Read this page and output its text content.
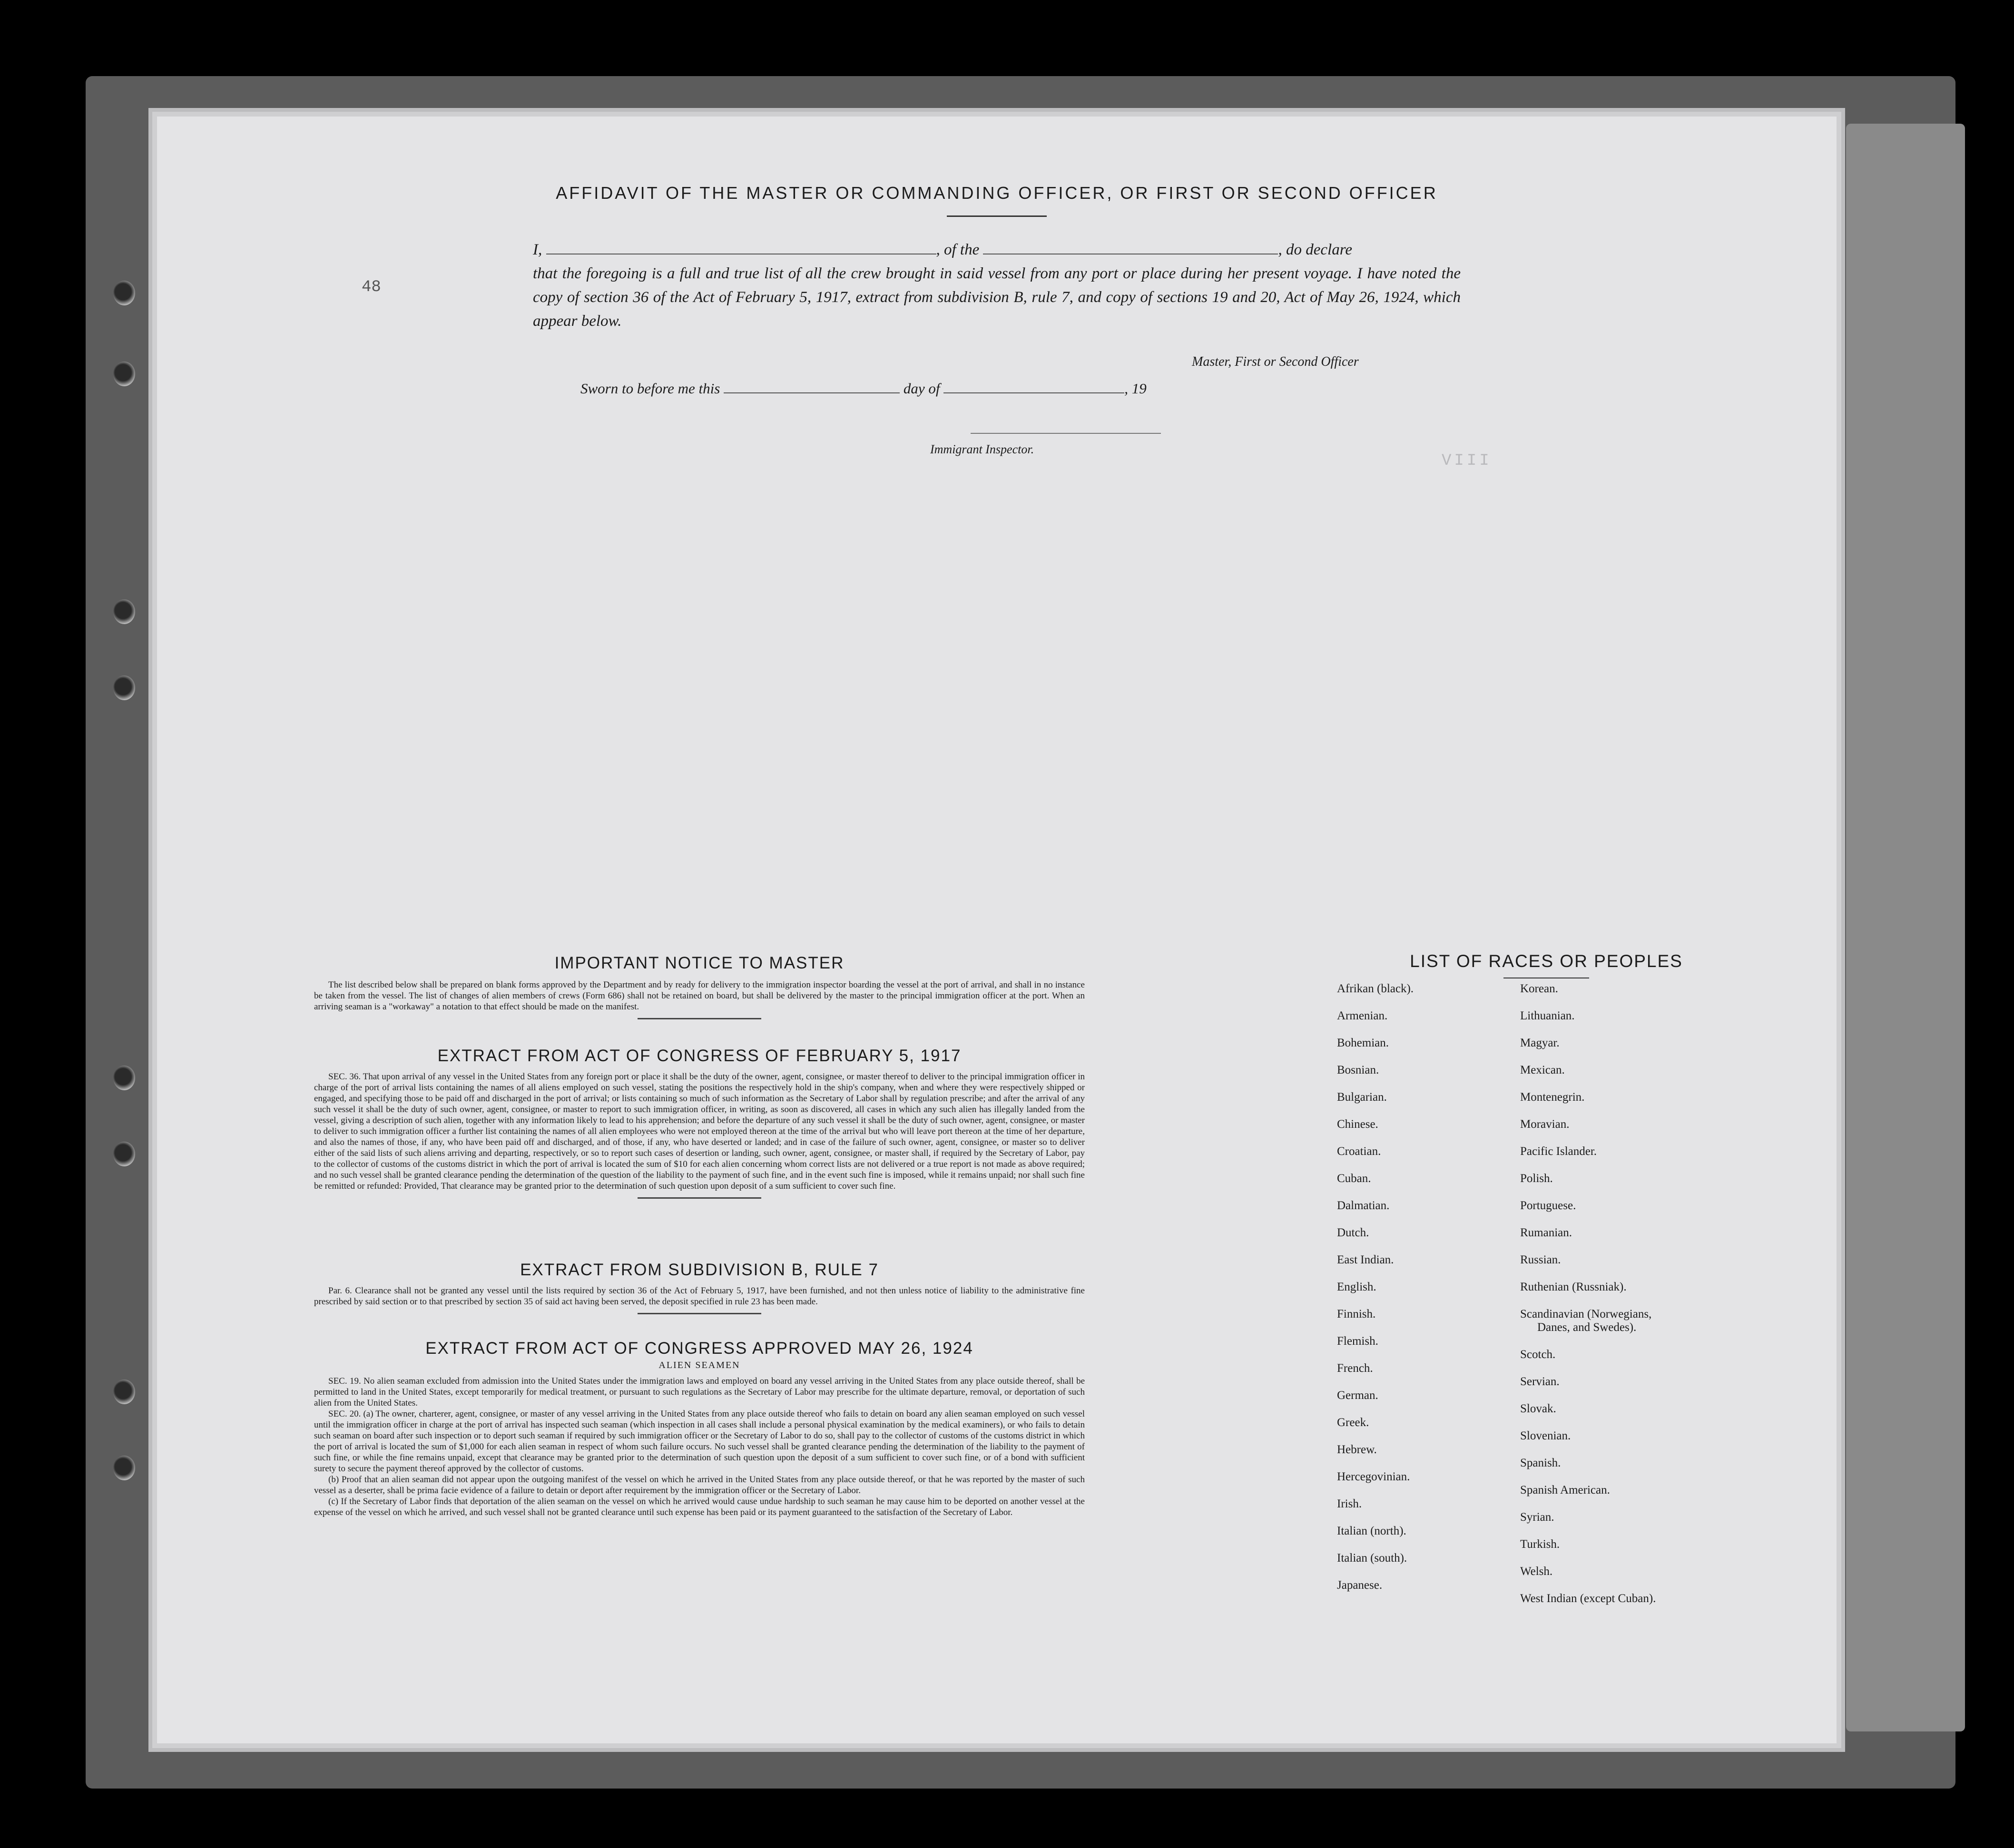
VIII
AFFIDAVIT OF THE MASTER OR COMMANDING OFFICER, OR FIRST OR SECOND OFFICER
48
I,	, of the	, do declare
that the foregoing is a full and true list of all the crew brought in said vessel from any port or place during her present voyage. I have noted the copy of section 36 of the Act of February 5, 1917, extract from subdivision B, rule 7, and copy of sections 19 and 20, Act of May 26, 1924, which appear below.
Master, First or Second Officer
Sworn to before me this	day of	, 19
Immigrant Inspector.
IMPORTANT NOTICE TO MASTER

The list described below shall be prepared on blank forms approved by the Department and by ready for delivery to the immigration inspector boarding the vessel at the port of arrival, and shall in no instance be taken from the vessel. The list of changes of alien members of crews (Form 686) shall not be retained on board, but shall be delivered by the master to the principal immigration officer at the port. When an arriving seaman is a "workaway" a notation to that effect should be made on the manifest.

EXTRACT FROM ACT OF CONGRESS OF FEBRUARY 5, 1917

SEC. 36. That upon arrival of any vessel in the United States from any foreign port or place it shall be the duty of the owner, agent, consignee, or master thereof to deliver to the principal immigration officer in charge of the port of arrival lists containing the names of all aliens employed on such vessel, stating the positions the respectively hold in the ship's company, when and where they were respectively shipped or engaged, and specifying those to be paid off and discharged in the port of arrival; or lists containing so much of such information as the Secretary of Labor shall by regulation prescribe; and after the arrival of any such vessel it shall be the duty of such owner, agent, consignee, or master to report to such immigration officer, in writing, as soon as discovered, all cases in which any such alien has illegally landed from the vessel, giving a description of such alien, together with any information likely to lead to his apprehension; and before the departure of any such vessel it shall be the duty of such owner, agent, consignee, or master to deliver to such immigration officer a further list containing the names of all alien employees who were not employed thereon at the time of the arrival but who will leave port thereon at the time of her departure, and also the names of those, if any, who have been paid off and discharged, and of those, if any, who have deserted or landed; and in case of the failure of such owner, agent, consignee, or master so to deliver either of the said lists of such aliens arriving and departing, respectively, or so to report such cases of desertion or landing, such owner, agent, consignee, or master shall, if required by the Secretary of Labor, pay to the collector of customs of the customs district in which the port of arrival is located the sum of $10 for each alien concerning whom correct lists are not delivered or a true report is not made as above required; and no such vessel shall be granted clearance pending the determination of the question of the liability to the payment of such fine, and in the event such fine is imposed, while it remains unpaid; nor shall such fine be remitted or refunded: Provided, That clearance may be granted prior to the determination of such question upon deposit of a sum sufficient to cover such fine.

EXTRACT FROM SUBDIVISION B, RULE 7

Par. 6. Clearance shall not be granted any vessel until the lists required by section 36 of the Act of February 5, 1917, have been furnished, and not then unless notice of liability to the administrative fine prescribed by said section or to that prescribed by section 35 of said act having been served, the deposit specified in rule 23 has been made.

EXTRACT FROM ACT OF CONGRESS APPROVED MAY 26, 1924
ALIEN SEAMEN

SEC. 19. No alien seaman excluded from admission into the United States under the immigration laws and employed on board any vessel arriving in the United States from any place outside thereof, shall be permitted to land in the United States, except temporarily for medical treatment, or pursuant to such regulations as the Secretary of Labor may prescribe for the ultimate departure, removal, or deportation of such alien from the United States.

SEC. 20. (a) The owner, charterer, agent, consignee, or master of any vessel arriving in the United States from any place outside thereof who fails to detain on board any alien seaman employed on such vessel until the immigration officer in charge at the port of arrival has inspected such seaman (which inspection in all cases shall include a personal physical examination by the medical examiners), or who fails to detain such seaman on board after such inspection or to deport such seaman if required by such immigration officer or the Secretary of Labor to do so, shall pay to the collector of customs of the customs district in which the port of arrival is located the sum of $1,000 for each alien seaman in respect of whom such failure occurs. No such vessel shall be granted clearance pending the determination of the liability to the payment of such fine, or while the fine remains unpaid, except that clearance may be granted prior to the determination of such question upon the deposit of a sum sufficient to cover such fine, or of a bond with sufficient surety to secure the payment thereof approved by the collector of customs.

(b) Proof that an alien seaman did not appear upon the outgoing manifest of the vessel on which he arrived in the United States from any place outside thereof, or that he was reported by the master of such vessel as a deserter, shall be prima facie evidence of a failure to detain or deport after requirement by the immigration officer or the Secretary of Labor.

(c) If the Secretary of Labor finds that deportation of the alien seaman on the vessel on which he arrived would cause undue hardship to such seaman he may cause him to be deported on another vessel at the expense of the vessel on which he arrived, and such vessel shall not be granted clearance until such expense has been paid or its payment guaranteed to the satisfaction of the Secretary of Labor.

LIST OF RACES OR PEOPLES
Afrikan (black).
Armenian.
Bohemian.
Bosnian.
Bulgarian.
Chinese.
Croatian.
Cuban.
Dalmatian.
Dutch.
East Indian.
English.
Finnish.
Flemish.
French.
German.
Greek.
Hebrew.
Hercegovinian.
Irish.
Italian (north).
Italian (south).
Japanese.
Korean.
Lithuanian.
Magyar.
Mexican.
Montenegrin.
Moravian.
Pacific Islander.
Polish.
Portuguese.
Rumanian.
Russian.
Ruthenian (Russniak).
Scandinavian (Norwegians,
Danes, and Swedes).
Scotch.
Servian.
Slovak.
Slovenian.
Spanish.
Spanish American.
Syrian.
Turkish.
Welsh.
West Indian (except Cuban).
